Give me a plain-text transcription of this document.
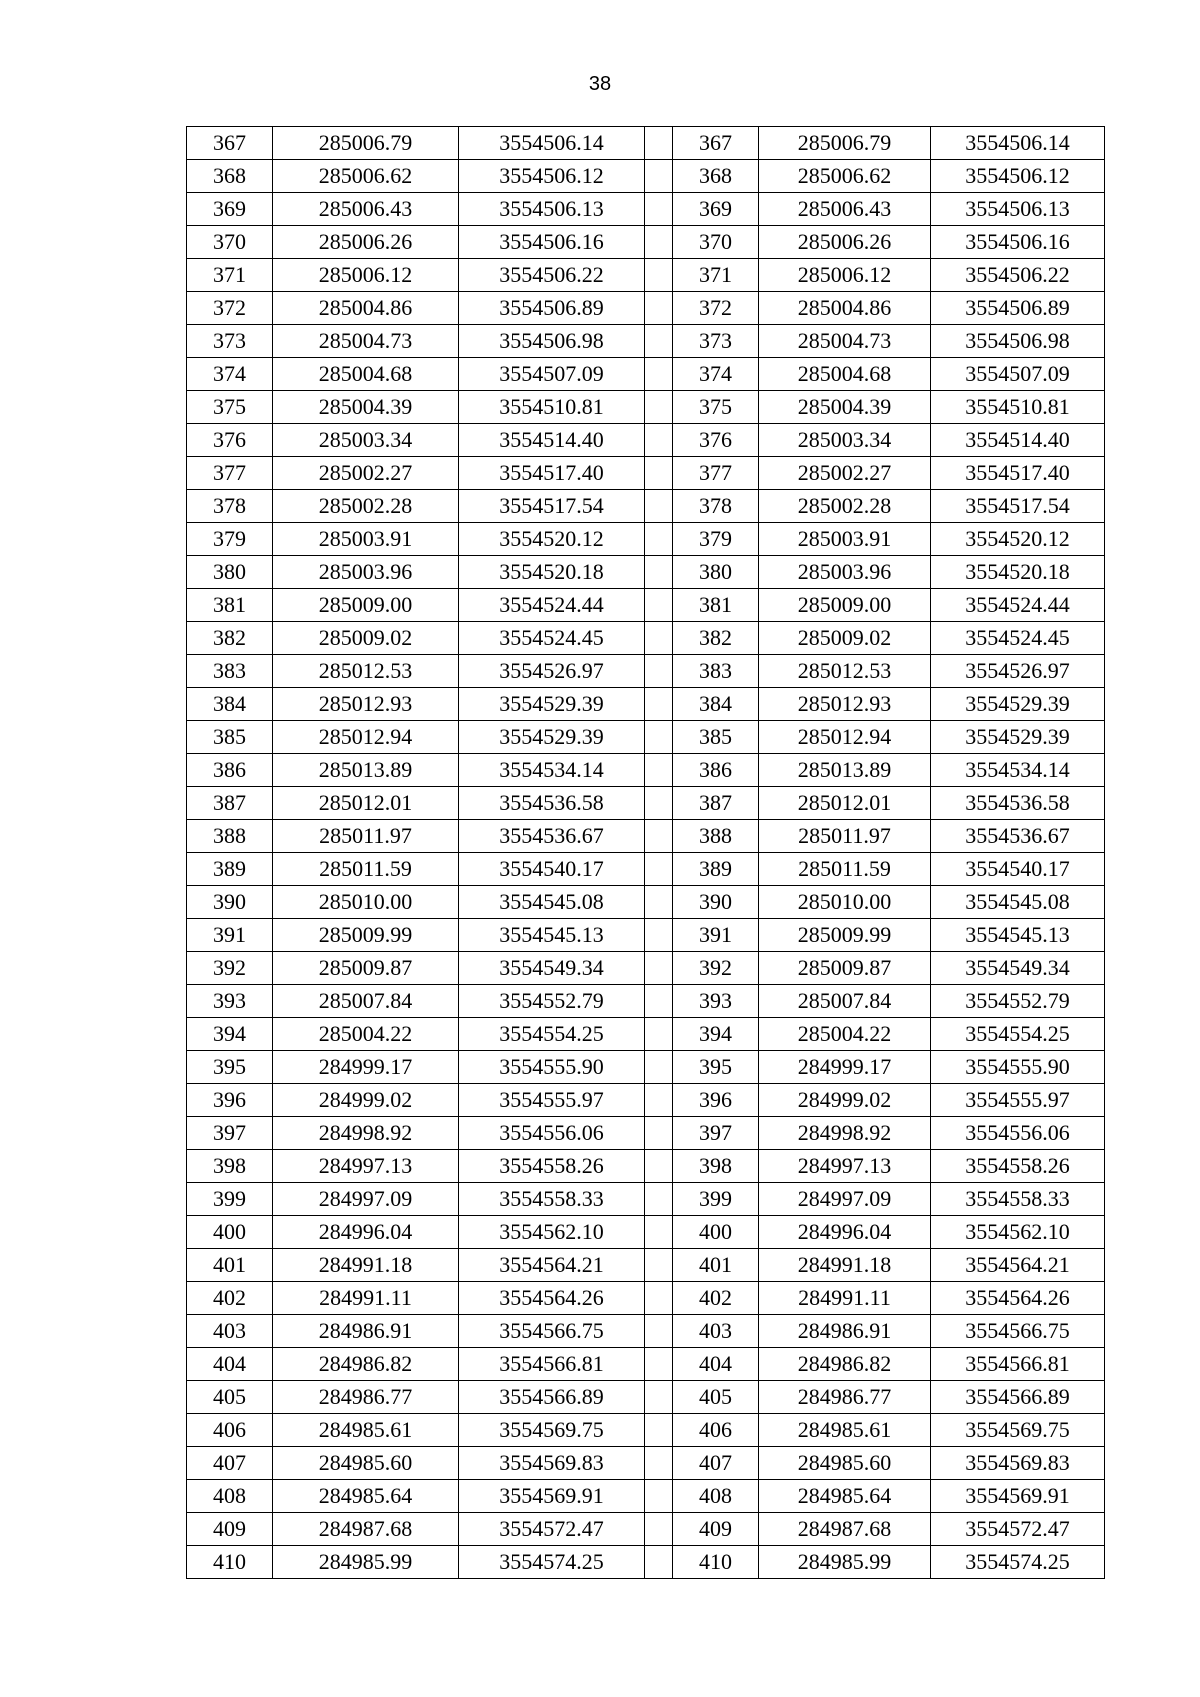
38
367	285006.79	3554506.14		367	285006.79	3554506.14
368	285006.62	3554506.12		368	285006.62	3554506.12
369	285006.43	3554506.13		369	285006.43	3554506.13
370	285006.26	3554506.16		370	285006.26	3554506.16
371	285006.12	3554506.22		371	285006.12	3554506.22
372	285004.86	3554506.89		372	285004.86	3554506.89
373	285004.73	3554506.98		373	285004.73	3554506.98
374	285004.68	3554507.09		374	285004.68	3554507.09
375	285004.39	3554510.81		375	285004.39	3554510.81
376	285003.34	3554514.40		376	285003.34	3554514.40
377	285002.27	3554517.40		377	285002.27	3554517.40
378	285002.28	3554517.54		378	285002.28	3554517.54
379	285003.91	3554520.12		379	285003.91	3554520.12
380	285003.96	3554520.18		380	285003.96	3554520.18
381	285009.00	3554524.44		381	285009.00	3554524.44
382	285009.02	3554524.45		382	285009.02	3554524.45
383	285012.53	3554526.97		383	285012.53	3554526.97
384	285012.93	3554529.39		384	285012.93	3554529.39
385	285012.94	3554529.39		385	285012.94	3554529.39
386	285013.89	3554534.14		386	285013.89	3554534.14
387	285012.01	3554536.58		387	285012.01	3554536.58
388	285011.97	3554536.67		388	285011.97	3554536.67
389	285011.59	3554540.17		389	285011.59	3554540.17
390	285010.00	3554545.08		390	285010.00	3554545.08
391	285009.99	3554545.13		391	285009.99	3554545.13
392	285009.87	3554549.34		392	285009.87	3554549.34
393	285007.84	3554552.79		393	285007.84	3554552.79
394	285004.22	3554554.25		394	285004.22	3554554.25
395	284999.17	3554555.90		395	284999.17	3554555.90
396	284999.02	3554555.97		396	284999.02	3554555.97
397	284998.92	3554556.06		397	284998.92	3554556.06
398	284997.13	3554558.26		398	284997.13	3554558.26
399	284997.09	3554558.33		399	284997.09	3554558.33
400	284996.04	3554562.10		400	284996.04	3554562.10
401	284991.18	3554564.21		401	284991.18	3554564.21
402	284991.11	3554564.26		402	284991.11	3554564.26
403	284986.91	3554566.75		403	284986.91	3554566.75
404	284986.82	3554566.81		404	284986.82	3554566.81
405	284986.77	3554566.89		405	284986.77	3554566.89
406	284985.61	3554569.75		406	284985.61	3554569.75
407	284985.60	3554569.83		407	284985.60	3554569.83
408	284985.64	3554569.91		408	284985.64	3554569.91
409	284987.68	3554572.47		409	284987.68	3554572.47
410	284985.99	3554574.25		410	284985.99	3554574.25
